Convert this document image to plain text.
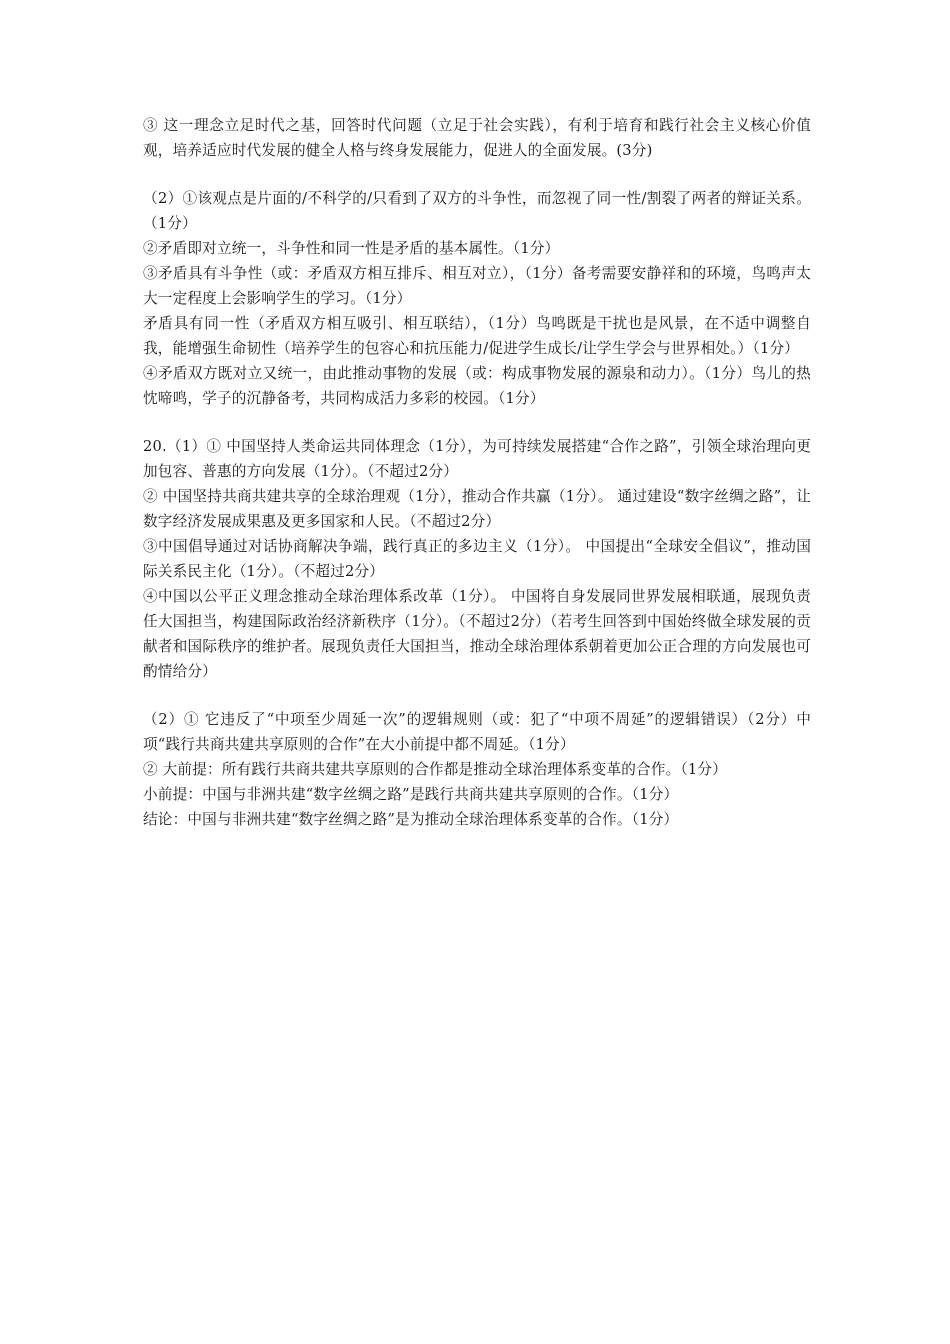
③ 这一理念立足时代之基，回答时代问题（立足于社会实践），有利于培育和践行社会主义核心价值观，培养适应时代发展的健全人格与终身发展能力，促进人的全面发展。(3分)

（2）①该观点是片面的/不科学的/只看到了双方的斗争性，而忽视了同一性/割裂了两者的辩证关系。（1分）

②矛盾即对立统一，斗争性和同一性是矛盾的基本属性。（1分）

③矛盾具有斗争性（或：矛盾双方相互排斥、相互对立），（1分）备考需要安静祥和的环境，鸟鸣声太大一定程度上会影响学生的学习。（1分）

矛盾具有同一性（矛盾双方相互吸引、相互联结），（1分）鸟鸣既是干扰也是风景，在不适中调整自我，能增强生命韧性（培养学生的包容心和抗压能力/促进学生成长/让学生学会与世界相处。）（1分）

④矛盾双方既对立又统一，由此推动事物的发展（或：构成事物发展的源泉和动力）。（1分）鸟儿的热忱啼鸣，学子的沉静备考，共同构成活力多彩的校园。（1分）

20.（1）① 中国坚持人类命运共同体理念（1分），为可持续发展搭建“合作之路”，引领全球治理向更加包容、普惠的方向发展（1分）。（不超过2分）

② 中国坚持共商共建共享的全球治理观（1分），推动合作共赢（1分）。 通过建设“数字丝绸之路”，让数字经济发展成果惠及更多国家和人民。（不超过2分）

③中国倡导通过对话协商解决争端，践行真正的多边主义（1分）。 中国提出“全球安全倡议”，推动国际关系民主化（1分）。（不超过2分）

④中国以公平正义理念推动全球治理体系改革（1分）。 中国将自身发展同世界发展相联通，展现负责任大国担当，构建国际政治经济新秩序（1分）。（不超过2分）（若考生回答到中国始终做全球发展的贡献者和国际秩序的维护者。展现负责任大国担当，推动全球治理体系朝着更加公正合理的方向发展也可酌情给分）

（2）① 它违反了“中项至少周延一次”的逻辑规则（或：犯了“中项不周延”的逻辑错误）（2分）中项“践行共商共建共享原则的合作”在大小前提中都不周延。（1分）

② 大前提：所有践行共商共建共享原则的合作都是推动全球治理体系变革的合作。（1分）

小前提：中国与非洲共建“数字丝绸之路”是践行共商共建共享原则的合作。（1分）

结论：中国与非洲共建“数字丝绸之路”是为推动全球治理体系变革的合作。（1分）
